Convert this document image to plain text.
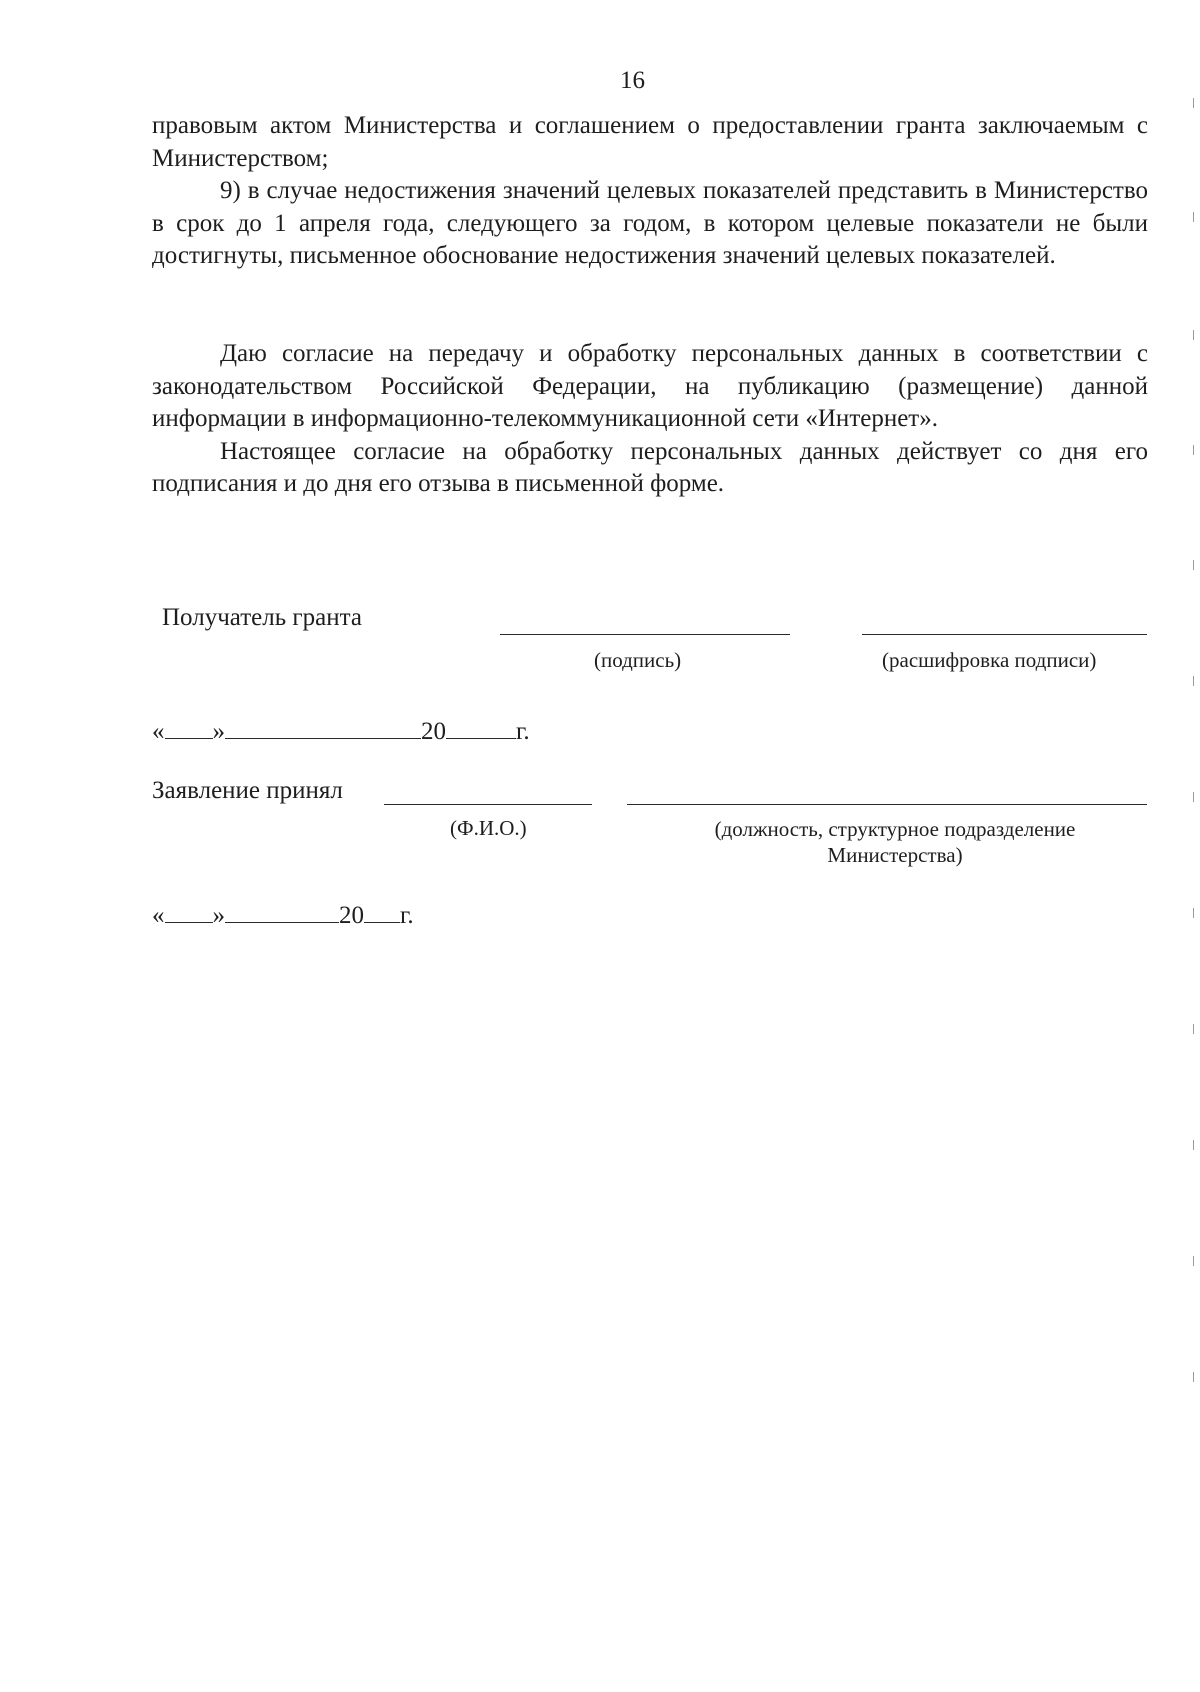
16

правовым актом Министерства и соглашением о предоставлении гранта заключаемым с Министерством;

9) в случае недостижения значений целевых показателей представить в Министерство в срок до 1 апреля года, следующего за годом, в котором целевые показатели не были достигнуты, письменное обоснование недостижения значений целевых показателей.

Даю согласие на передачу и обработку персональных данных в соответствии с законодательством Российской Федерации, на публикацию (размещение) данной информации в информационно-телекоммуникационной сети «Интернет».

Настоящее согласие на обработку персональных данных действует со дня его подписания и до дня его отзыва в письменной форме.

Получатель гранта
(подпись)	(расшифровка подписи)
« »	20	г.
Заявление принял
(Ф.И.О.)	(должность, структурное подразделение
Министерства)
« »	20 г.
